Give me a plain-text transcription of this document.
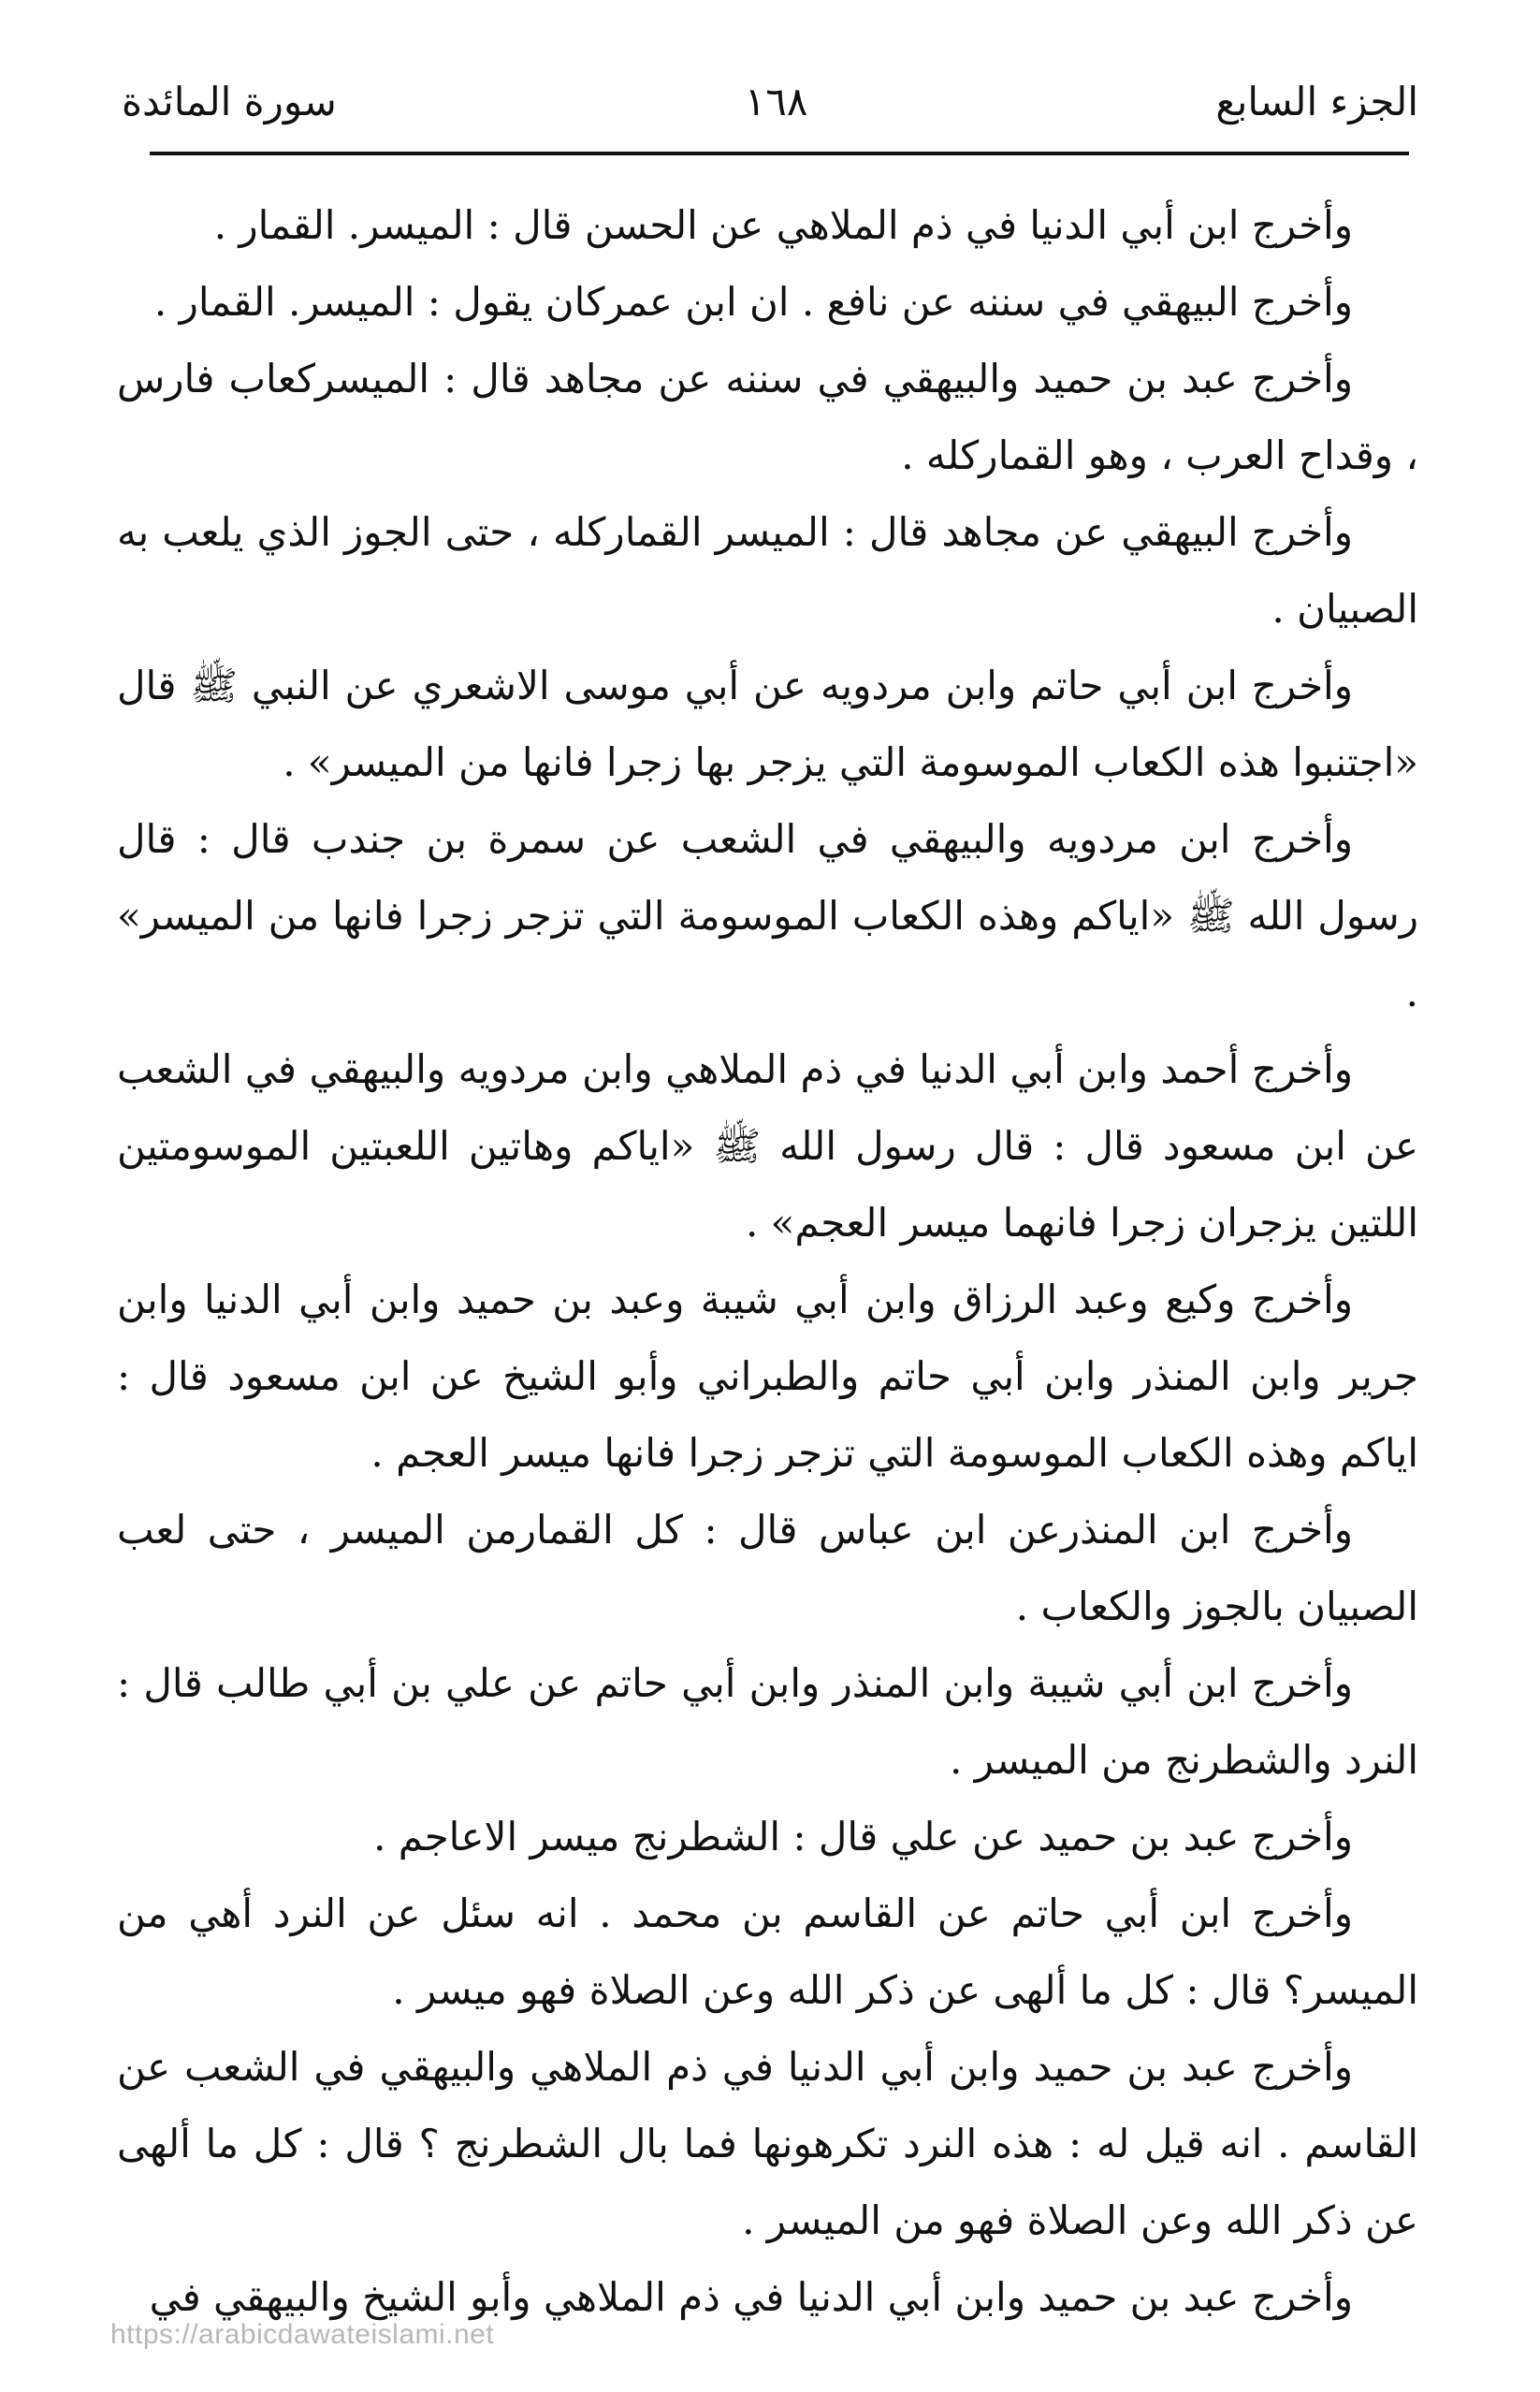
الجزء السابع
١٦٨
سورة المائدة

وأخرج ابن أبي الدنيا في ذم الملاهي عن الحسن قال : الميسر. القمار .

وأخرج البيهقي في سننه عن نافع . ان ابن عمركان يقول : الميسر. القمار .

وأخرج عبد بن حميد والبيهقي في سننه عن مجاهد قال : الميسركعاب فارس ، وقداح العرب ، وهو القماركله .

وأخرج البيهقي عن مجاهد قال : الميسر القماركله ، حتى الجوز الذي يلعب به الصبيان .

وأخرج ابن أبي حاتم وابن مردويه عن أبي موسى الاشعري عن النبي ﷺ قال «اجتنبوا هذه الكعاب الموسومة التي يزجر بها زجرا فانها من الميسر» .

وأخرج ابن مردويه والبيهقي في الشعب عن سمرة بن جندب قال : قال رسول الله ﷺ «اياكم وهذه الكعاب الموسومة التي تزجر زجرا فانها من الميسر» .

وأخرج أحمد وابن أبي الدنيا في ذم الملاهي وابن مردويه والبيهقي في الشعب عن ابن مسعود قال : قال رسول الله ﷺ «اياكم وهاتين اللعبتين الموسومتين اللتين يزجران زجرا فانهما ميسر العجم» .

وأخرج وكيع وعبد الرزاق وابن أبي شيبة وعبد بن حميد وابن أبي الدنيا وابن جرير وابن المنذر وابن أبي حاتم والطبراني وأبو الشيخ عن ابن مسعود قال : اياكم وهذه الكعاب الموسومة التي تزجر زجرا فانها ميسر العجم .

وأخرج ابن المنذرعن ابن عباس قال : كل القمارمن الميسر ، حتى لعب الصبيان بالجوز والكعاب .

وأخرج ابن أبي شيبة وابن المنذر وابن أبي حاتم عن علي بن أبي طالب قال : النرد والشطرنج من الميسر .

وأخرج عبد بن حميد عن علي قال : الشطرنج ميسر الاعاجم .

وأخرج ابن أبي حاتم عن القاسم بن محمد . انه سئل عن النرد أهي من الميسر؟ قال : كل ما ألهى عن ذكر الله وعن الصلاة فهو ميسر .

وأخرج عبد بن حميد وابن أبي الدنيا في ذم الملاهي والبيهقي في الشعب عن القاسم . انه قيل له : هذه النرد تكرهونها فما بال الشطرنج ؟ قال : كل ما ألهى عن ذكر الله وعن الصلاة فهو من الميسر .

وأخرج عبد بن حميد وابن أبي الدنيا في ذم الملاهي وأبو الشيخ والبيهقي في

https://arabicdawateislami.net
